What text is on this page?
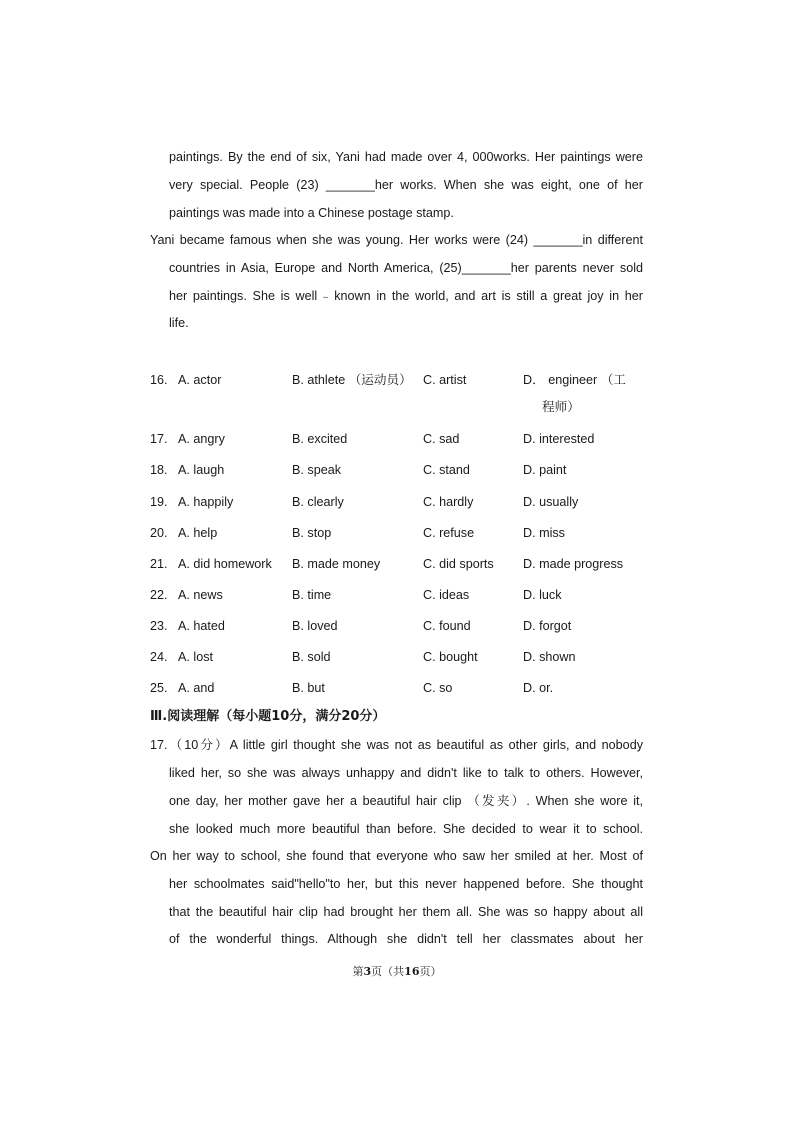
paintings. By the end of six, Yani had made over 4, 000works. Her paintings were
very special. People (23) _______her works. When she was eight, one of her
paintings was made into a Chinese postage stamp.
Yani became famous when she was young. Her works were (24) _______in different
countries in Asia, Europe and North America, (25)_______her parents never sold
her paintings. She is well﹣known in the world, and art is still a great joy in her
life.
16. A. actor	B. athlete （运动员） C. artist	D． engineer （工
程师）
17. A. angry	B. excited	C. sad	D. interested
18. A. laugh	B. speak	C. stand	D. paint
19. A. happily	B. clearly	C. hardly	D. usually
20. A. help	B. stop	C. refuse	D. miss
21. A. did homework B. made money	C. did sports D. made progress
22. A. news	B. time	C. ideas	D. luck
23. A. hated	B. loved	C. found	D. forgot
24. A. lost	B. sold	C. bought	D. shown
25. A. and	B. but	C. so	D. or.
Ⅲ.阅读理解（每小题10分，满分20分）
17.（10分）A little girl thought she was not as beautiful as other girls, and nobody
liked her, so she was always unhappy and didn't like to talk to others. However,
one day, her mother gave her a beautiful hair clip （发夹）. When she wore it,
she looked much more beautiful than before. She decided to wear it to school.
On her way to school, she found that everyone who saw her smiled at her. Most of
her schoolmates said"hello"to her, but this never happened before. She thought
that the beautiful hair clip had brought her them all. She was so happy about all
of the wonderful things. Although she didn't tell her classmates about her
第3页（共16页）
